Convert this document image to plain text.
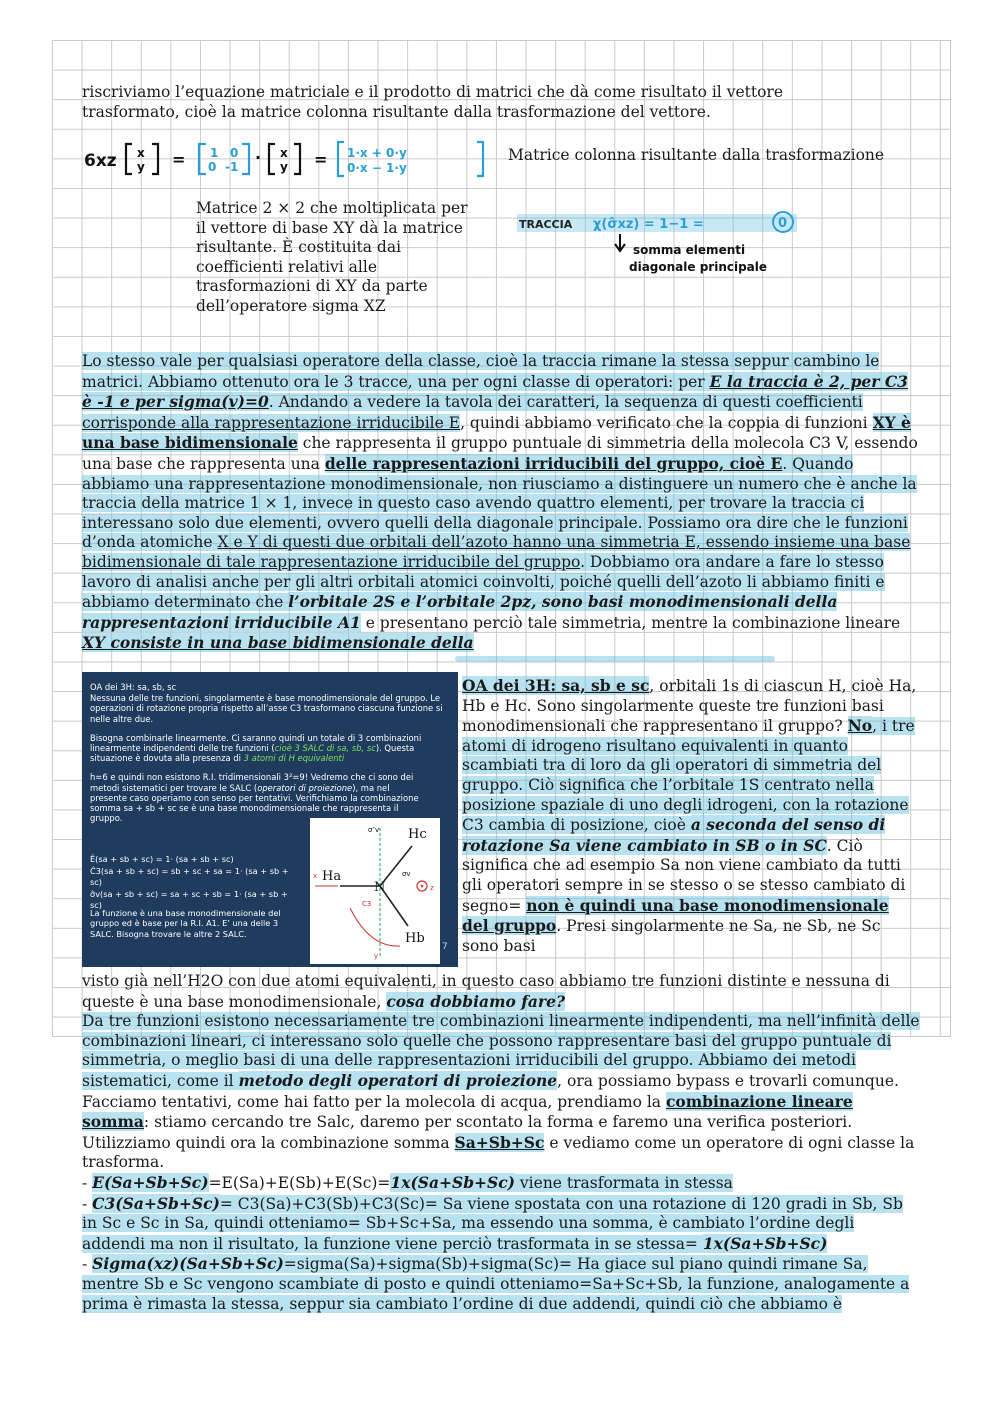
riscriviamo l’equazione matriciale e il prodotto di matrici che dà come risultato il vettore trasformato, cioè la matrice colonna risultante dalla trasformazione del vettore.

6xz x
y = 1 0
0 -1 · x
y = 1·x + 0·y
0·x − 1·y

Matrice colonna risultante dalla trasformazione

Matrice 2 × 2 che moltiplicata per il vettore di base XY dà la matrice risultante. È costituita dai coefficienti relativi alle trasformazioni di XY da parte dell’operatore sigma XZ

TRACCIA χ(σ̂xz) = 1−1 =	0
somma elementi
diagonale principale

Lo stesso vale per qualsiasi operatore della classe, cioè la traccia rimane la stessa seppur cambino le matrici. Abbiamo ottenuto ora le 3 tracce, una per ogni classe di operatori: per E la traccia è 2, per C3 è -1 e per sigma(v)=0. Andando a vedere la tavola dei caratteri, la sequenza di questi coefficienti corrisponde alla rappresentazione irriducibile E, quindi abbiamo verificato che la coppia di funzioni XY è una base bidimensionale che rappresenta il gruppo puntuale di simmetria della molecola C3 V, essendo una base che rappresenta una delle rappresentazioni irriducibili del gruppo, cioè E. Quando abbiamo una rappresentazione monodimensionale, non riusciamo a distinguere un numero che è anche la traccia della matrice 1 × 1, invece in questo caso avendo quattro elementi, per trovare la traccia ci interessano solo due elementi, ovvero quelli della diagonale principale. Possiamo ora dire che le funzioni d’onda atomiche X e Y di questi due orbitali dell’azoto hanno una simmetria E, essendo insieme una base bidimensionale di tale rappresentazione irriducibile del gruppo. Dobbiamo ora andare a fare lo stesso lavoro di analisi anche per gli altri orbitali atomici coinvolti, poiché quelli dell’azoto li abbiamo finiti e abbiamo determinato che l’orbitale 2S e l’orbitale 2pz, sono basi monodimensionali della rappresentazioni irriducibile A1 e presentano perciò tale simmetria, mentre la combinazione lineare XY consiste in una base bidimensionale della

OA dei 3H: sa, sb, sc

Nessuna delle tre funzioni, singolarmente è base monodimensionale del gruppo. Le operazioni di rotazione propria rispetto all’asse C3 trasformano ciascuna funzione si nelle altre due.

Bisogna combinarle linearmente. Ci saranno quindi un totale di 3 combinazioni linearmente indipendenti delle tre funzioni (cioè 3 SALC di sa, sb, sc). Questa situazione è dovuta alla presenza di 3 atomi di H equivalenti

h=6 e quindi non esistono R.I. tridimensionali 3²=9! Vedremo che ci sono dei metodi sistematici per trovare le SALC (operatori di proiezione), ma nel presente caso operiamo con senso per tentativi. Verifichiamo la combinazione somma sa + sb + sc se è una base monodimensionale che rappresenta il gruppo.

Ê(sa + sb + sc) = 1· (sa + sb + sc)
Ĉ3(sa + sb + sc) = sb + sc + sa = 1· (sa + sb + sc)
σ̂v(sa + sb + sc) = sa + sc + sb = 1· (sa + sb + sc)

La funzione è una base monodimensionale del gruppo ed è base per la R.I. A1. E’ una delle 3 SALC. Bisogna trovare le altre 2 SALC.

Hc
Ha
Hb
N
C3
σ″v
σv
x
y
z
7

OA dei 3H: sa, sb e sc, orbitali 1s di ciascun H, cioè Ha, Hb e Hc. Sono singolarmente queste tre funzioni basi monodimensionali che rappresentano il gruppo? No, i tre atomi di idrogeno risultano equivalenti in quanto scambiati tra di loro da gli operatori di simmetria del gruppo. Ciò significa che l’orbitale 1S centrato nella posizione spaziale di uno degli idrogeni, con la rotazione C3 cambia di posizione, cioè a seconda del senso di rotazione Sa viene cambiato in SB o in SC. Ciò significa che ad esempio Sa non viene cambiato da tutti gli operatori sempre in se stesso o se stesso cambiato di segno= non è quindi una base monodimensionale del gruppo. Presi singolarmente ne Sa, ne Sb, ne Sc sono basi

visto già nell’H2O con due atomi equivalenti, in questo caso abbiamo tre funzioni distinte e nessuna di queste è una base monodimensionale, cosa dobbiamo fare?
Da tre funzioni esistono necessariamente tre combinazioni linearmente indipendenti, ma nell’infinità delle combinazioni lineari, ci interessano solo quelle che possono rappresentare basi del gruppo puntuale di simmetria, o meglio basi di una delle rappresentazioni irriducibili del gruppo. Abbiamo dei metodi sistematici, come il metodo degli operatori di proiezione, ora possiamo bypass e trovarli comunque. Facciamo tentativi, come hai fatto per la molecola di acqua, prendiamo la combinazione lineare somma: stiamo cercando tre Salc, daremo per scontato la forma e faremo una verifica posteriori. Utilizziamo quindi ora la combinazione somma Sa+Sb+Sc e vediamo come un operatore di ogni classe la trasforma.
- E(Sa+Sb+Sc)=E(Sa)+E(Sb)+E(Sc)=1x(Sa+Sb+Sc) viene trasformata in stessa
- C3(Sa+Sb+Sc)= C3(Sa)+C3(Sb)+C3(Sc)= Sa viene spostata con una rotazione di 120 gradi in Sb, Sb in Sc e Sc in Sa, quindi otteniamo= Sb+Sc+Sa, ma essendo una somma, è cambiato l’ordine degli addendi ma non il risultato, la funzione viene perciò trasformata in se stessa= 1x(Sa+Sb+Sc)
- Sigma(xz)(Sa+Sb+Sc)=sigma(Sa)+sigma(Sb)+sigma(Sc)= Ha giace sul piano quindi rimane Sa, mentre Sb e Sc vengono scambiate di posto e quindi otteniamo=Sa+Sc+Sb, la funzione, analogamente a prima è rimasta la stessa, seppur sia cambiato l’ordine di due addendi, quindi ciò che abbiamo è
